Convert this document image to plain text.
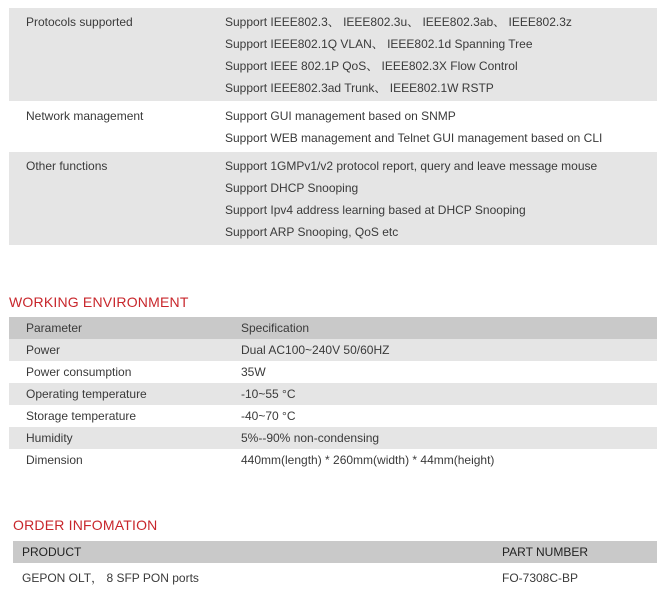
Protocols supported	Support IEEE802.3、 IEEE802.3u、 IEEE802.3ab、 IEEE802.3z
Support IEEE802.1Q VLAN、 IEEE802.1d Spanning Tree
Support IEEE 802.1P QoS、 IEEE802.3X Flow Control
Support IEEE802.3ad Trunk、 IEEE802.1W RSTP
Network management	Support GUI management based on SNMP
Support WEB management and Telnet GUI management based on CLI
Other functions	Support 1GMPv1/v2 protocol report, query and leave message mouse
Support DHCP Snooping
Support Ipv4 address learning based at DHCP Snooping
Support ARP Snooping, QoS etc
WORKING ENVIRONMENT
Parameter	Specification
Power	Dual AC100~240V 50/60HZ
Power consumption	35W
Operating temperature	-10~55 °C
Storage temperature	-40~70 °C
Humidity	5%--90% non-condensing
Dimension	440mm(length) * 260mm(width) * 44mm(height)
ORDER INFOMATION
PRODUCT	PART NUMBER
GEPON OLT， 8 SFP PON ports	FO-7308C-BP
